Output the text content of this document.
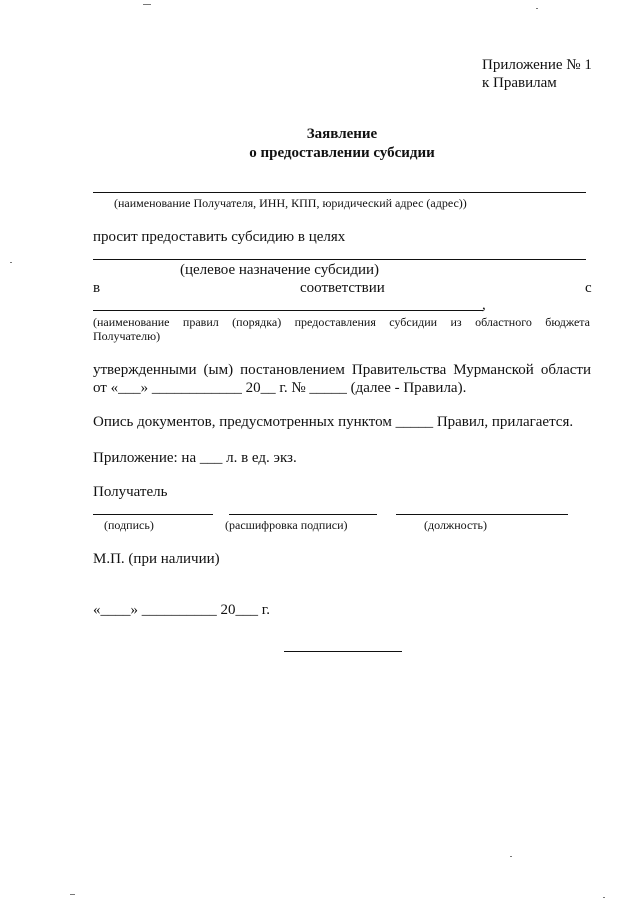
Приложение № 1
к Правилам
Заявление
о предоставлении субсидии
(наименование Получателя, ИНН, КПП, юридический адрес (адрес))
просит предоставить субсидию в целях
(целевое назначение субсидии)
в	соответствии	с
,
(наименование правил (порядка) предоставления субсидии из областного бюджета
Получателю)
утвержденными (ым) постановлением Правительства Мурманской области
от «___» ____________ 20__ г. № _____ (далее - Правила).
Опись документов, предусмотренных пунктом _____ Правил, прилагается.
Приложение: на ___ л. в ед. экз.
Получатель
(подпись)	(расшифровка подписи)	(должность)
М.П. (при наличии)
«____» __________ 20___ г.
